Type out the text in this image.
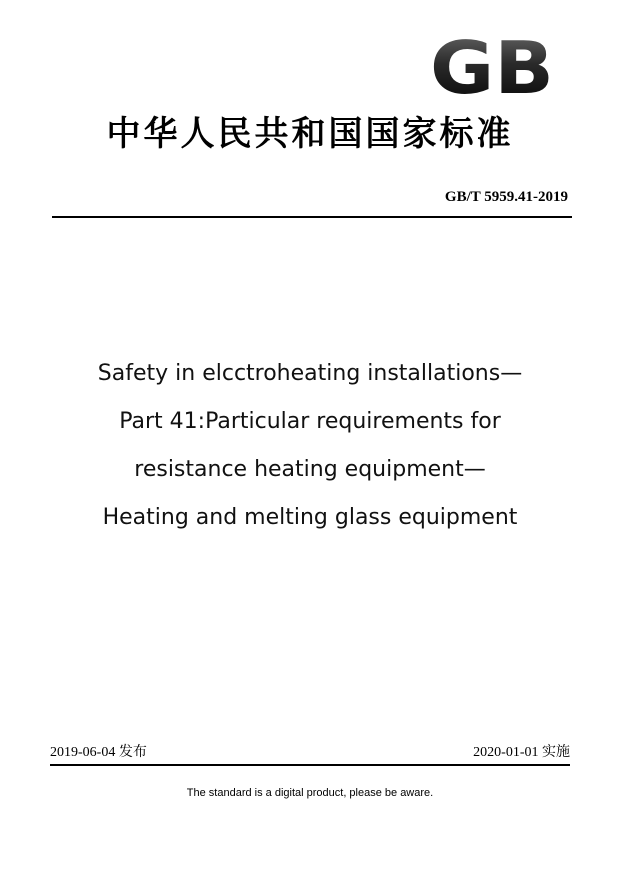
GB
中华人民共和国国家标准
GB/T 5959.41-2019
Safety in elcctroheating installations—
Part 41:Particular requirements for
resistance heating equipment—
Heating and melting glass equipment
2019-06-04 发布	2020-01-01 实施
The standard is a digital product, please be aware.
